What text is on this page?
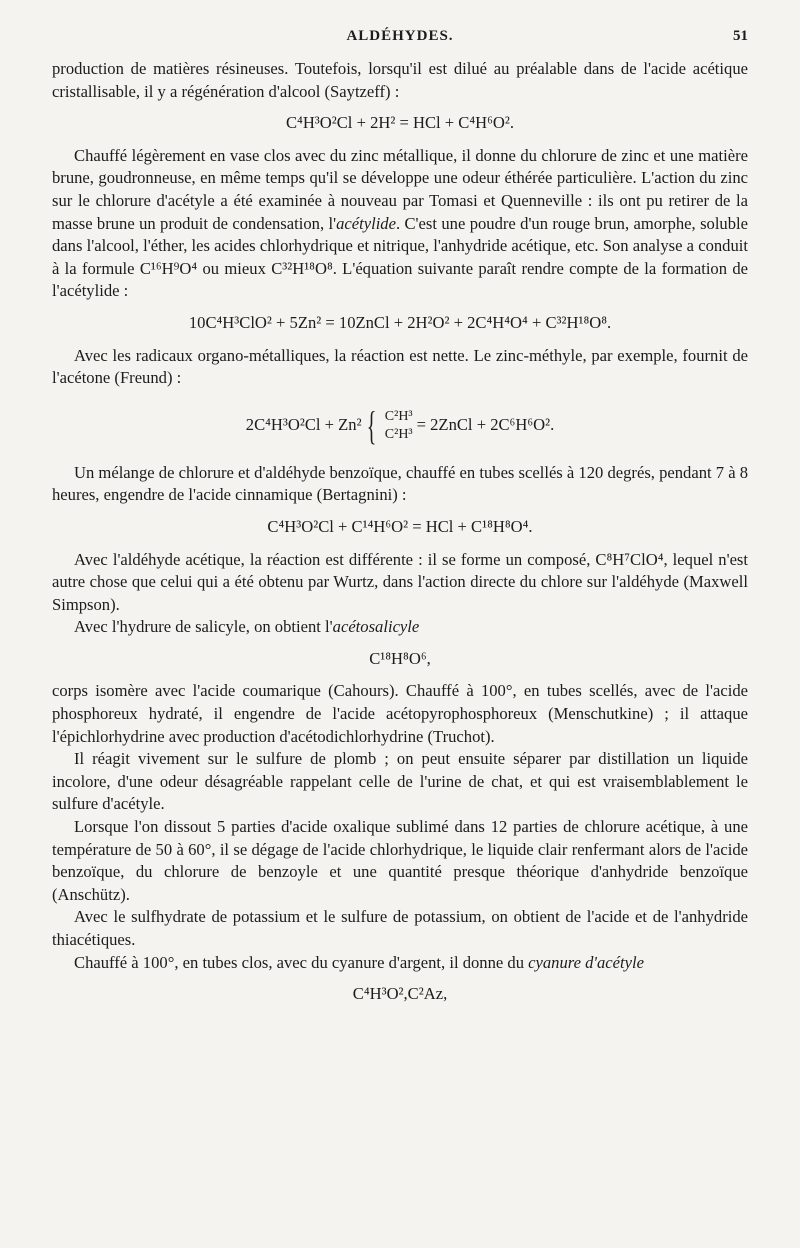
ALDÉHYDES.	51

production de matières résineuses. Toutefois, lorsqu'il est dilué au préalable dans de l'acide acétique cristallisable, il y a régénération d'alcool (Saytzeff) :

C⁴H³O²Cl + 2H² = HCl + C⁴H⁶O².

Chauffé légèrement en vase clos avec du zinc métallique, il donne du chlorure de zinc et une matière brune, goudronneuse, en même temps qu'il se développe une odeur éthérée particulière. L'action du zinc sur le chlorure d'acétyle a été examinée à nouveau par Tomasi et Quenneville : ils ont pu retirer de la masse brune un produit de condensation, l'acétylide. C'est une poudre d'un rouge brun, amorphe, soluble dans l'alcool, l'éther, les acides chlorhydrique et nitrique, l'anhydride acétique, etc. Son analyse a conduit à la formule C¹⁶H⁹O⁴ ou mieux C³²H¹⁸O⁸. L'équation suivante paraît rendre compte de la formation de l'acétylide :

10C⁴H³ClO² + 5Zn² = 10ZnCl + 2H²O² + 2C⁴H⁴O⁴ + C³²H¹⁸O⁸.

Avec les radicaux organo-métalliques, la réaction est nette. Le zinc-méthyle, par exemple, fournit de l'acétone (Freund) :

2C⁴H³O²Cl + Zn² { C²H³
C²H³ = 2ZnCl + 2C⁶H⁶O².

Un mélange de chlorure et d'aldéhyde benzoïque, chauffé en tubes scellés à 120 degrés, pendant 7 à 8 heures, engendre de l'acide cinnamique (Bertagnini) :

C⁴H³O²Cl + C¹⁴H⁶O² = HCl + C¹⁸H⁸O⁴.

Avec l'aldéhyde acétique, la réaction est différente : il se forme un composé, C⁸H⁷ClO⁴, lequel n'est autre chose que celui qui a été obtenu par Wurtz, dans l'action directe du chlore sur l'aldéhyde (Maxwell Simpson).

Avec l'hydrure de salicyle, on obtient l'acétosalicyle

C¹⁸H⁸O⁶,

corps isomère avec l'acide coumarique (Cahours). Chauffé à 100°, en tubes scellés, avec de l'acide phosphoreux hydraté, il engendre de l'acide acétopyrophosphoreux (Menschutkine) ; il attaque l'épichlorhydrine avec production d'acétodichlorhydrine (Truchot).

Il réagit vivement sur le sulfure de plomb ; on peut ensuite séparer par distillation un liquide incolore, d'une odeur désagréable rappelant celle de l'urine de chat, et qui est vraisemblablement le sulfure d'acétyle.

Lorsque l'on dissout 5 parties d'acide oxalique sublimé dans 12 parties de chlorure acétique, à une température de 50 à 60°, il se dégage de l'acide chlorhydrique, le liquide clair renfermant alors de l'acide benzoïque, du chlorure de benzoyle et une quantité presque théorique d'anhydride benzoïque (Anschütz).

Avec le sulfhydrate de potassium et le sulfure de potassium, on obtient de l'acide et de l'anhydride thiacétiques.

Chauffé à 100°, en tubes clos, avec du cyanure d'argent, il donne du cyanure d'acétyle

C⁴H³O²,C²Az,
